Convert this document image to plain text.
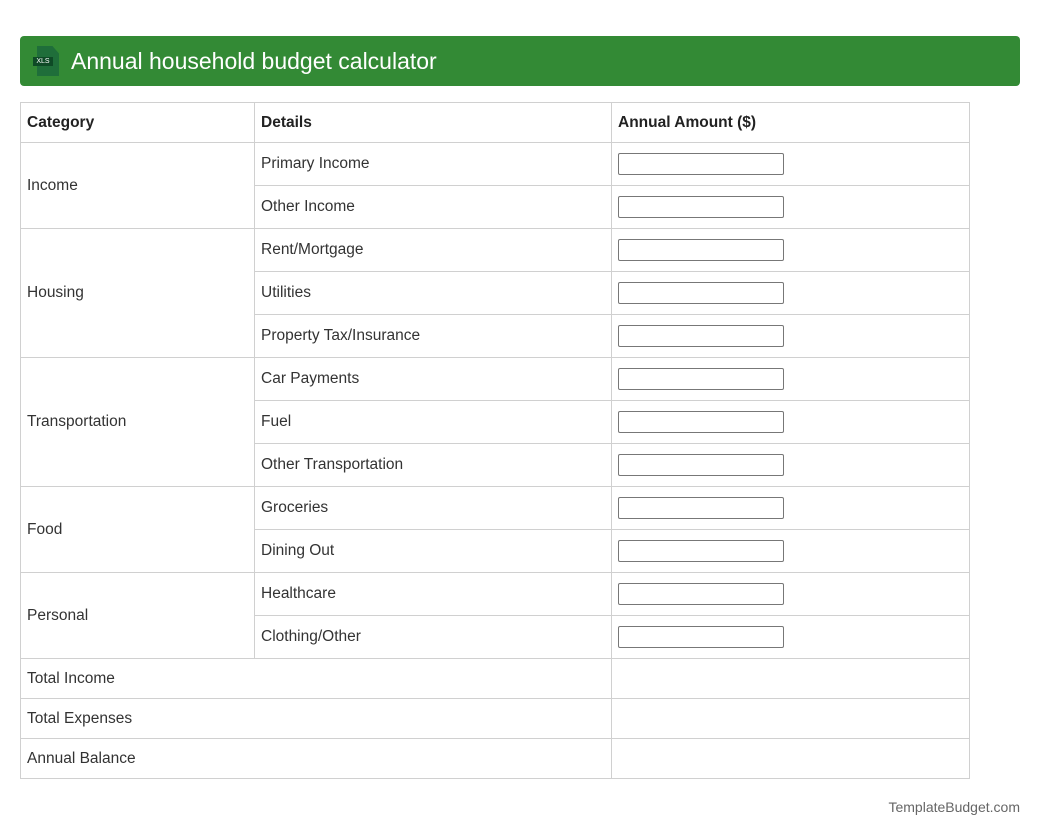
XLS Annual household budget calculator
Category	Details	Annual Amount ($)
Income	Primary Income	

	Other Income	

Housing	Rent/Mortgage	

	Utilities	

	Property Tax/Insurance	

Transportation	Car Payments	

	Fuel	

	Other Transportation	

Food	Groceries	

	Dining Out	

Personal	Healthcare	

	Clothing/Other	

Total Income		
Total Expenses		
Annual Balance		
TemplateBudget.com
